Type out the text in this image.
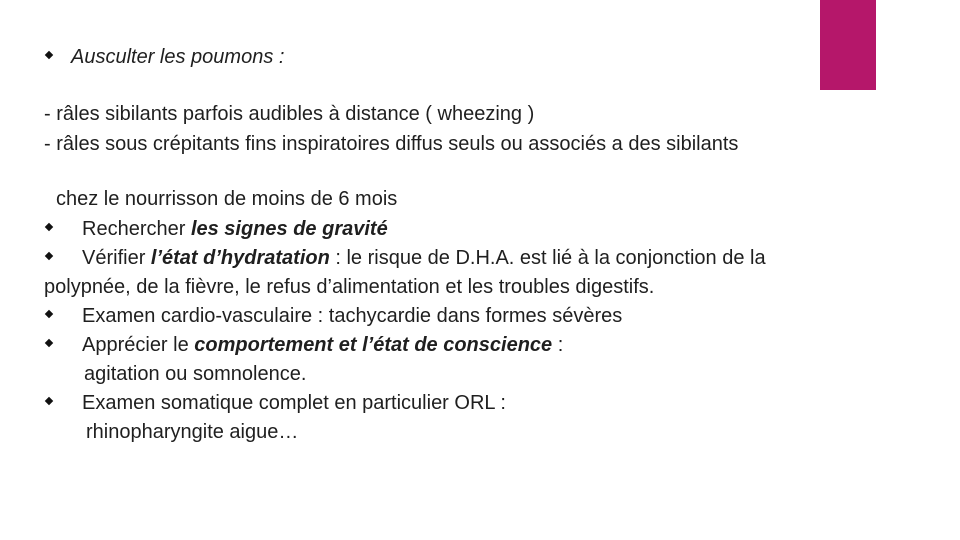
Ausculter les poumons :
- râles sibilants parfois audibles à distance ( wheezing )
- râles sous crépitants fins inspiratoires diffus seuls ou associés a des sibilants
chez le nourrisson de moins de 6 mois
Rechercher les signes de gravité
Vérifier l’état d’hydratation : le risque de D.H.A. est lié à la conjonction de la
polypnée, de la fièvre, le refus d’alimentation et les troubles digestifs.
Examen cardio-vasculaire : tachycardie dans formes sévères
Apprécier le comportement et l’état de conscience :
agitation ou somnolence.
Examen somatique complet en particulier ORL :
rhinopharyngite aigue…
